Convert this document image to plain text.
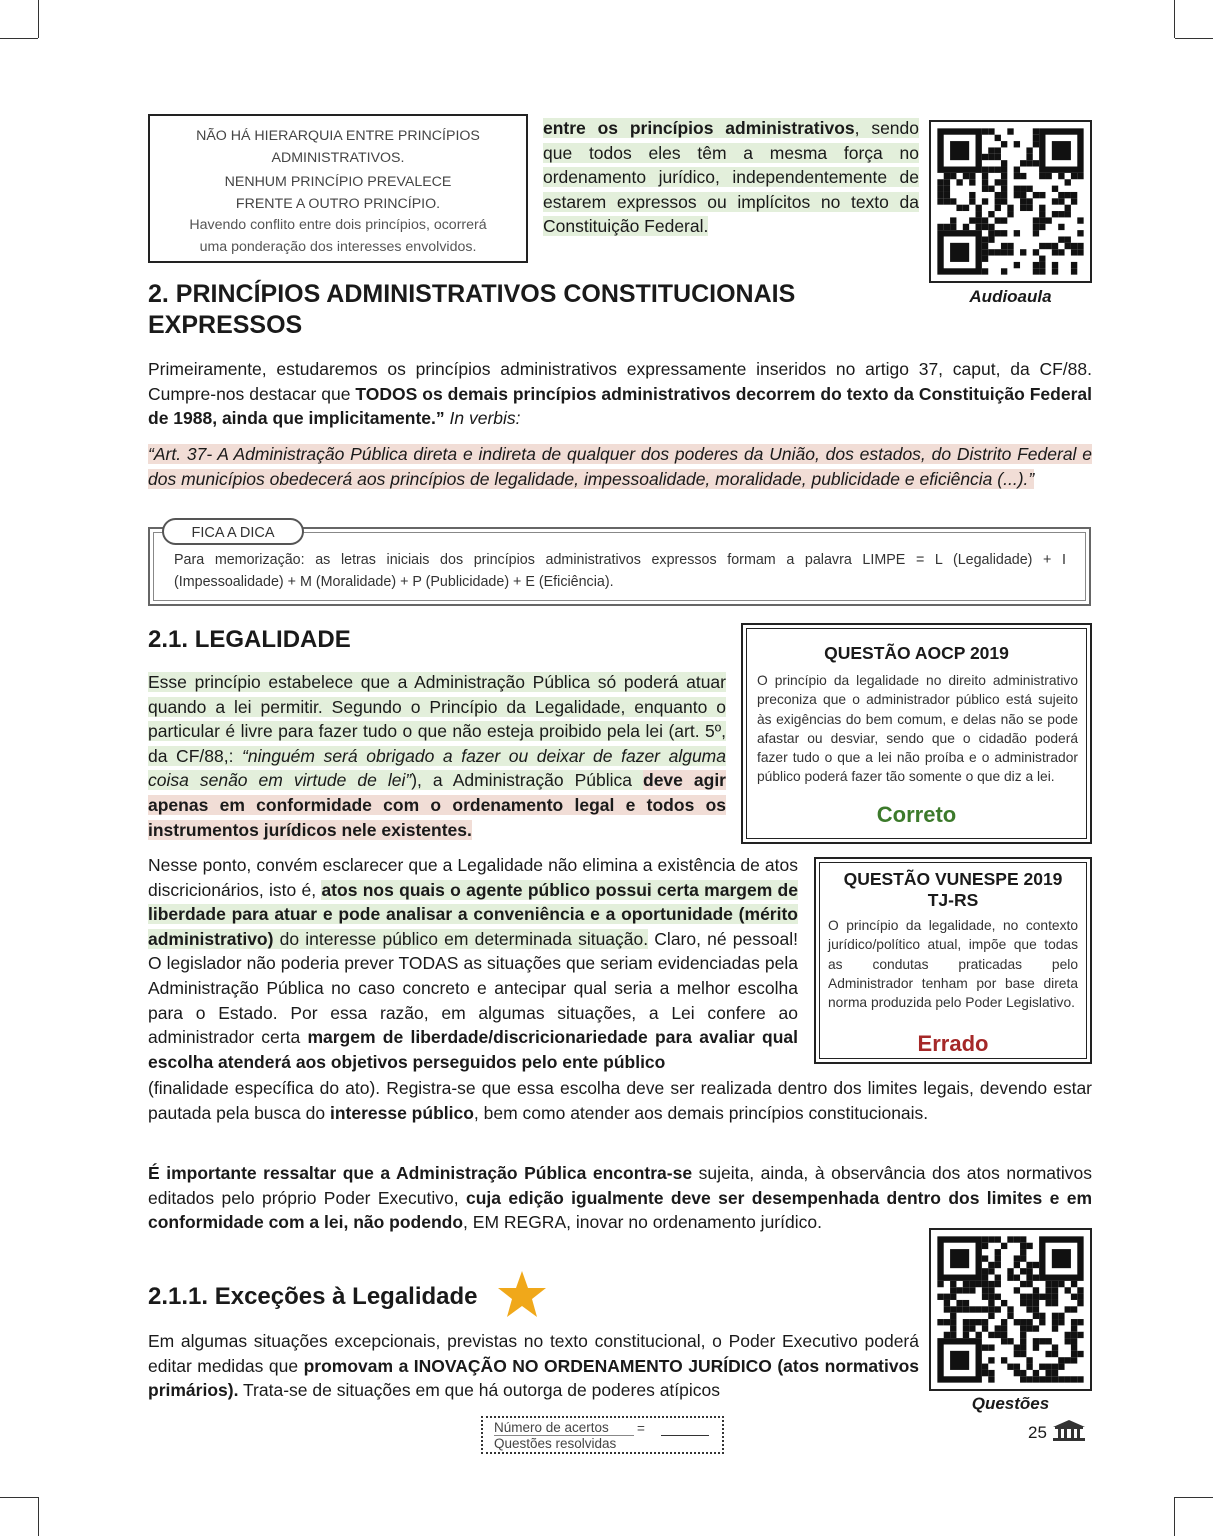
NÃO HÁ HIERARQUIA ENTRE PRINCÍPIOS ADMINISTRATIVOS.
NENHUM PRINCÍPIO PREVALECE FRENTE A OUTRO PRINCÍPIO.
Havendo conflito entre dois princípios, ocorrerá uma ponderação dos interesses envolvidos.

entre os princípios administrativos, sendo que todos eles têm a mesma força no ordenamento jurídico, independentemente de estarem expressos ou implícitos no texto da Constituição Federal.

Audioaula
2. PRINCÍPIOS ADMINISTRATIVOS CONSTITUCIONAIS EXPRESSOS

Primeiramente, estudaremos os princípios administrativos expressamente inseridos no artigo 37, caput, da CF/88. Cumpre-nos destacar que TODOS os demais princípios administrativos decorrem do texto da Constituição Federal de 1988, ainda que implicitamente.” In verbis:

“Art. 37- A Administração Pública direta e indireta de qualquer dos poderes da União, dos estados, do Distrito Federal e dos municípios obedecerá aos princípios de legalidade, impessoalidade, moralidade, publicidade e eficiência (...).”

Para memorização: as letras iniciais dos princípios administrativos expressos formam a palavra LIMPE = L (Legalidade) + I (Impessoalidade) + M (Moralidade) + P (Publicidade) + E (Eficiência).
FICA A DICA
2.1. LEGALIDADE

Esse princípio estabelece que a Administração Pública só poderá atuar quando a lei permitir. Segundo o Princípio da Legalidade, enquanto o particular é livre para fazer tudo o que não esteja proibido pela lei (art. 5º, da CF/88,: “ninguém será obrigado a fazer ou deixar de fazer alguma coisa senão em virtude de lei”), a Administração Pública deve agir apenas em conformidade com o ordenamento legal e todos os instrumentos jurídicos nele existentes.

QUESTÃO AOCP 2019
O princípio da legalidade no direito administrativo preconiza que o administrador público está sujeito às exigências do bem comum, e delas não se pode afastar ou desviar, sendo que o cidadão poderá fazer tudo o que a lei não proíba e o administrador público poderá fazer tão somente o que diz a lei.
Correto

Nesse ponto, convém esclarecer que a Legalidade não elimina a existência de atos discricionários, isto é, atos nos quais o agente público possui certa margem de liberdade para atuar e pode analisar a conveniência e a oportunidade (mérito administrativo) do interesse público em determinada situação. Claro, né pessoal! O legislador não poderia prever TODAS as situações que seriam evidenciadas pela Administração Pública no caso concreto e antecipar qual seria a melhor escolha para o Estado. Por essa razão, em algumas situações, a Lei confere ao administrador certa margem de liberdade/discricionariedade para avaliar qual escolha atenderá aos objetivos perseguidos pelo ente público

(finalidade específica do ato). Registra-se que essa escolha deve ser realizada dentro dos limites legais, devendo estar pautada pela busca do interesse público, bem como atender aos demais princípios constitucionais.

QUESTÃO VUNESPE 2019 TJ-RS
O princípio da legalidade, no contexto jurídico/político atual, impõe que todas as condutas praticadas pelo Administrador tenham por base direta norma produzida pelo Poder Legislativo.
Errado

É importante ressaltar que a Administração Pública encontra-se sujeita, ainda, à observância dos atos normativos editados pelo próprio Poder Executivo, cuja edição igualmente deve ser desempenhada dentro dos limites e em conformidade com a lei, não podendo, EM REGRA, inovar no ordenamento jurídico.

2.1.1. Exceções à Legalidade

Em algumas situações excepcionais, previstas no texto constitucional, o Poder Executivo poderá editar medidas que promovam a INOVAÇÃO NO ORDENAMENTO JURÍDICO (atos normativos primários). Trata-se de situações em que há outorga de poderes atípicos

Questões
Número de acertos =
Questões resolvidas
25
